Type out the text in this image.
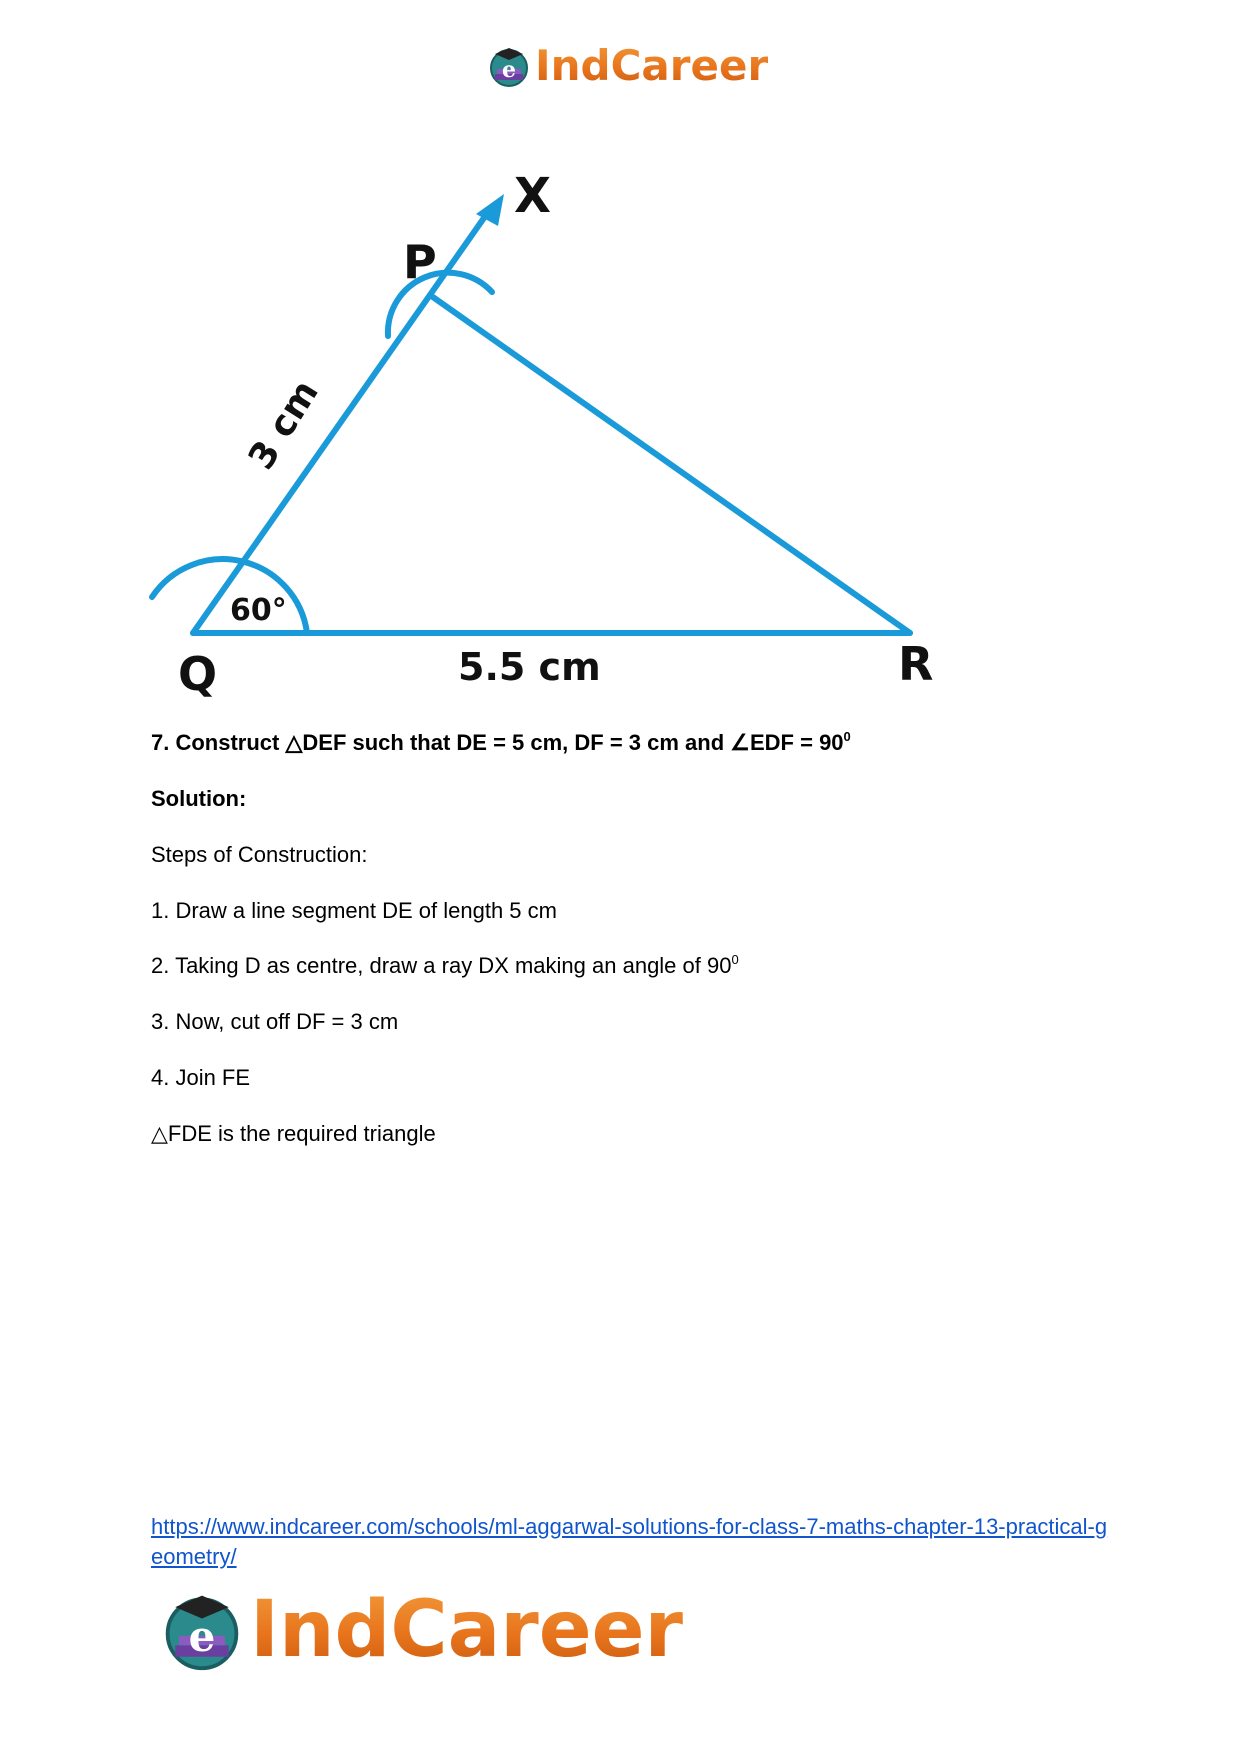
e IndCareer
X
P
Q	R
5.5 cm
60°
3 cm
7. Construct △DEF such that DE = 5 cm, DF = 3 cm and ∠EDF = $90^0$
Solution:
Steps of Construction:
1. Draw a line segment DE of length 5 cm
2. Taking D as centre, draw a ray DX making an angle of $90^0$
3. Now, cut off DF = 3 cm
4. Join FE
△FDE is the required triangle
https://www.indcareer.com/schools/ml-aggarwal-solutions-for-class-7-maths-chapter-13-practical-geometry/
e IndCareer
